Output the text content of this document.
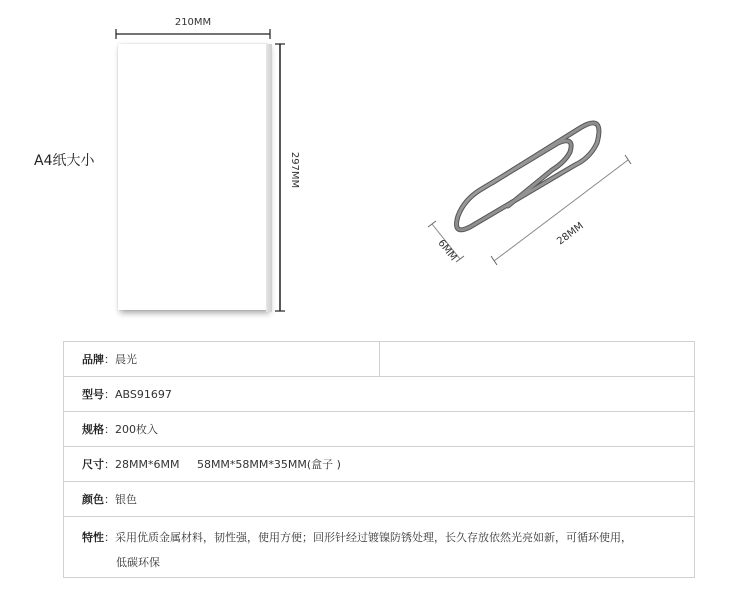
A4纸大小
210MM
297MM
28MM
6MM
品牌：晨光	
型号：ABS91697
规格：200枚入
尺寸：28MM*6MM     58MM*58MM*35MM(盒子 )
颜色：银色
特性：采用优质金属材料，韧性强，使用方便；回形针经过镀镍防锈处理，长久存放依然光亮如新，可循环使用，
低碳环保
